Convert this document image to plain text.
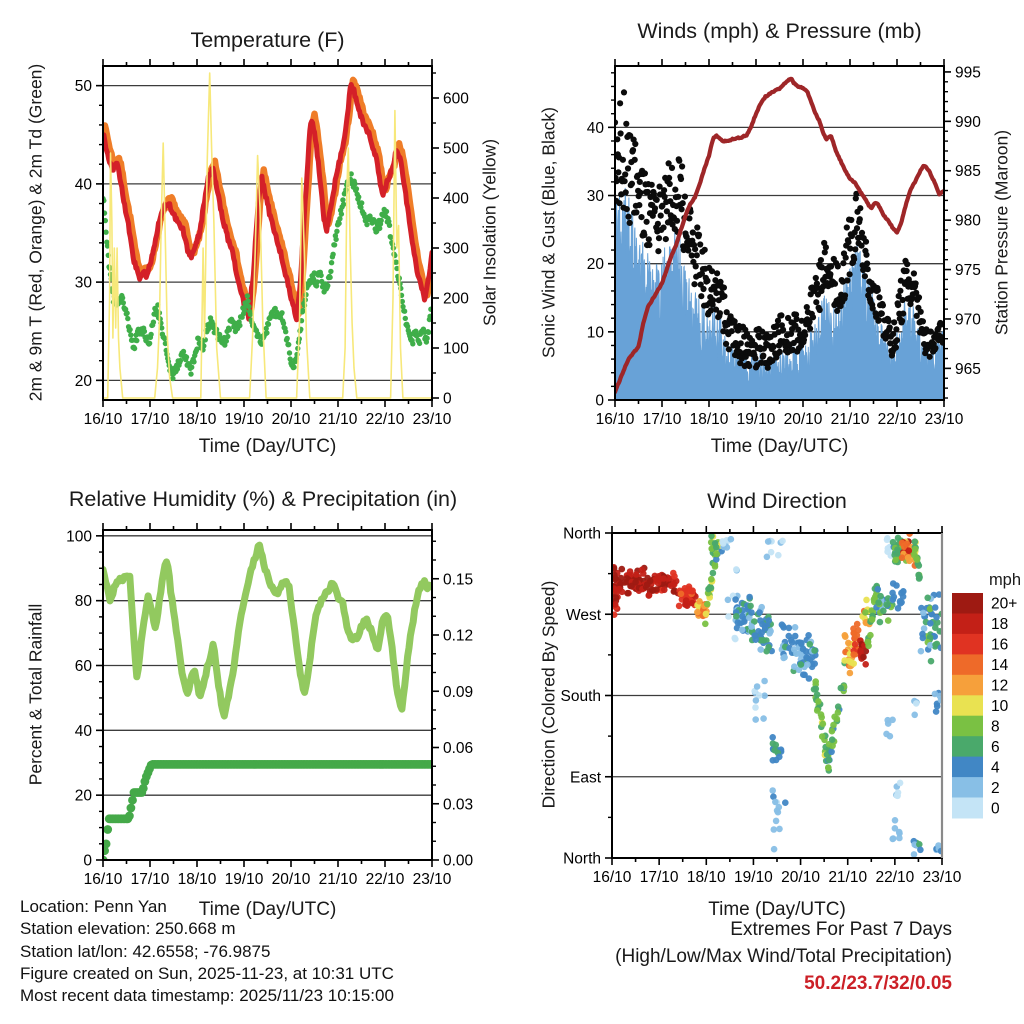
16/10 17/10 18/10 19/10 20/10 21/10 22/10 23/10
20
30
40
50
0
100
200
300
400
500
600
16/10 17/10 18/10 19/10 20/10 21/10 22/10 23/10
0
10
20
30
40
965
970
975
980
985
990
995
16/10 17/10 18/10 19/10 20/10 21/10 22/10 23/10
0
20
40
60
80
100
0.00
0.03
0.06
0.09
0.12
0.15
16/10 17/10 18/10 19/10 20/10 21/10 22/10 23/10
North
East
South
West
North
20+
18
16
14
12
10
8
6
4
2
0
Temperature (F)	Winds (mph) & Pressure (mb)
Relative Humidity (%) & Precipitation (in)	Wind Direction
Time (Day/UTC)	Time (Day/UTC)
Time (Day/UTC)	Time (Day/UTC)
2m & 9m T (Red, Orange) & 2m Td (Green)	Solar Insolation (Yellow) Sonic Wind & Gust (Blue, Black)	Station Pressure (Maroon)
Percent & Total Rainfall	Direction (Colored By Speed)
mph
Location: Penn Yan
Station elevation: 250.668 m
Station lat/lon: 42.6558; -76.9875
Figure created on Sun, 2025-11-23, at 10:31 UTC
Most recent data timestamp: 2025/11/23 10:15:00
Extremes For Past 7 Days
(High/Low/Max Wind/Total Precipitation)
50.2/23.7/32/0.05
